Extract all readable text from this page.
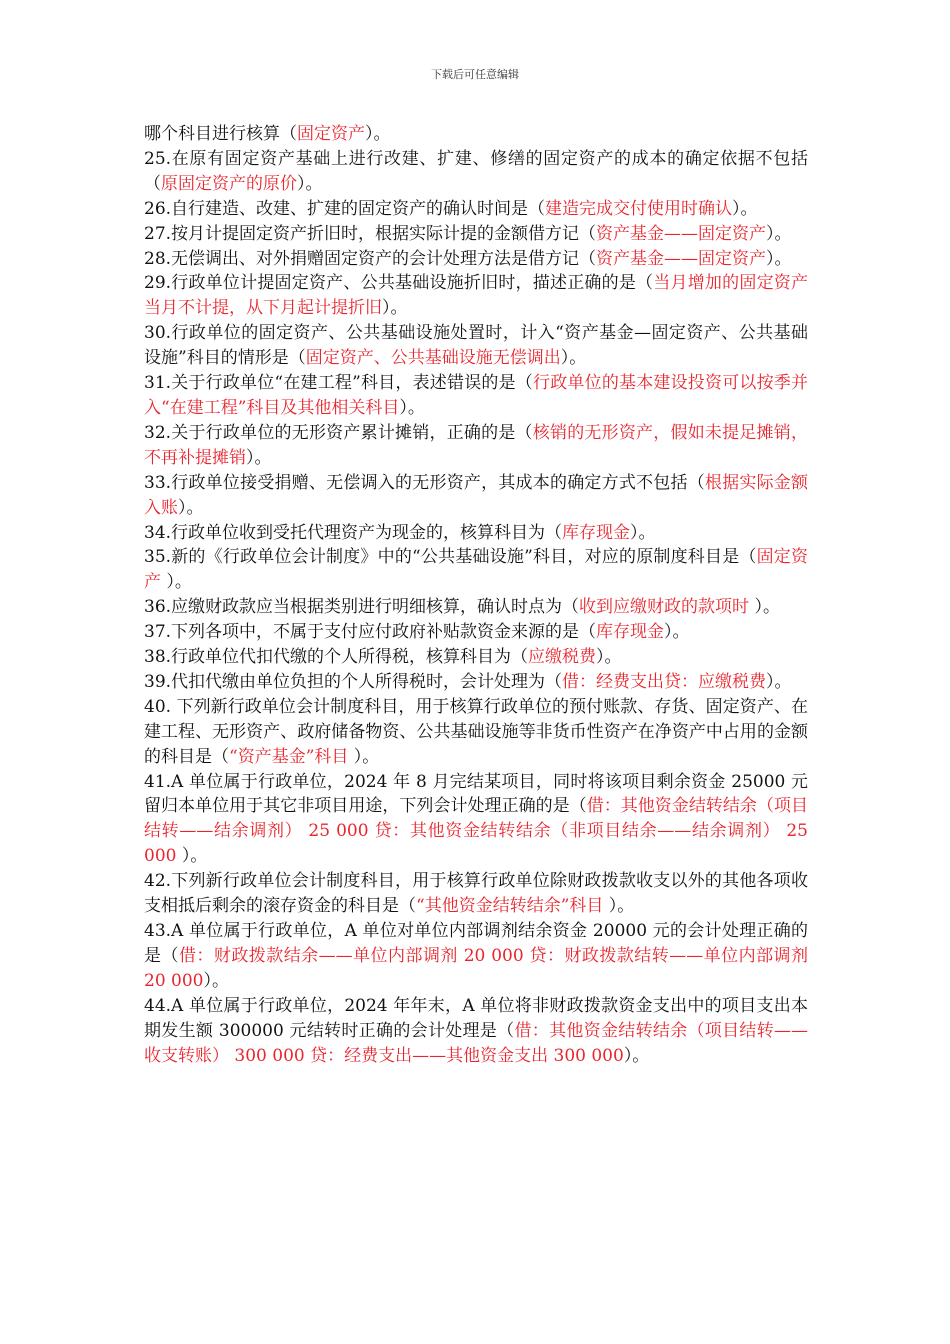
下载后可任意编辑

哪个科目进行核算（固定资产）。

25.在原有固定资产基础上进行改建、扩建、修缮的固定资产的成本的确定依据不包括（原固定资产的原价）。

26.自行建造、改建、扩建的固定资产的确认时间是（建造完成交付使用时确认）。

27.按月计提固定资产折旧时，根据实际计提的金额借方记（资产基金——固定资产）。

28.无偿调出、对外捐赠固定资产的会计处理方法是借方记（资产基金——固定资产）。

29.行政单位计提固定资产、公共基础设施折旧时，描述正确的是（当月增加的固定资产当月不计提，从下月起计提折旧）。

30.行政单位的固定资产、公共基础设施处置时，计入“资产基金—固定资产、公共基础设施”科目的情形是（固定资产、公共基础设施无偿调出）。

31.关于行政单位“在建工程”科目，表述错误的是（行政单位的基本建设投资可以按季并入“在建工程”科目及其他相关科目）。

32.关于行政单位的无形资产累计摊销，正确的是（核销的无形资产，假如未提足摊销，不再补提摊销）。

33.行政单位接受捐赠、无偿调入的无形资产，其成本的确定方式不包括（根据实际金额入账）。

34.行政单位收到受托代理资产为现金的，核算科目为（库存现金）。

35.新的《行政单位会计制度》中的“公共基础设施”科目，对应的原制度科目是（固定资产 ）。

36.应缴财政款应当根据类别进行明细核算，确认时点为（收到应缴财政的款项时 ）。

37.下列各项中，不属于支付应付政府补贴款资金来源的是（库存现金）。

38.行政单位代扣代缴的个人所得税，核算科目为（应缴税费）。

39.代扣代缴由单位负担的个人所得税时，会计处理为（借：经费支出贷：应缴税费）。

40. 下列新行政单位会计制度科目，用于核算行政单位的预付账款、存货、固定资产、在建工程、无形资产、政府储备物资、公共基础设施等非货币性资产在净资产中占用的金额的科目是（“资产基金”科目 ）。

41.A 单位属于行政单位，2024 年 8 月完结某项目，同时将该项目剩余资金 25000 元留归本单位用于其它非项目用途，下列会计处理正确的是（借：其他资金结转结余（项目结转——结余调剂） 25 000 贷：其他资金结转结余（非项目结余——结余调剂） 25 000 ）。

42.下列新行政单位会计制度科目，用于核算行政单位除财政拨款收支以外的其他各项收支相抵后剩余的滚存资金的科目是（“其他资金结转结余”科目 ）。

43.A 单位属于行政单位，A 单位对单位内部调剂结余资金 20000 元的会计处理正确的是（借：财政拨款结余——单位内部调剂 20 000 贷：财政拨款结转——单位内部调剂 20 000）。

44.A 单位属于行政单位，2024 年年末，A 单位将非财政拨款资金支出中的项目支出本期发生额 300000 元结转时正确的会计处理是（借：其他资金结转结余（项目结转——收支转账） 300 000 贷：经费支出——其他资金支出 300 000）。
